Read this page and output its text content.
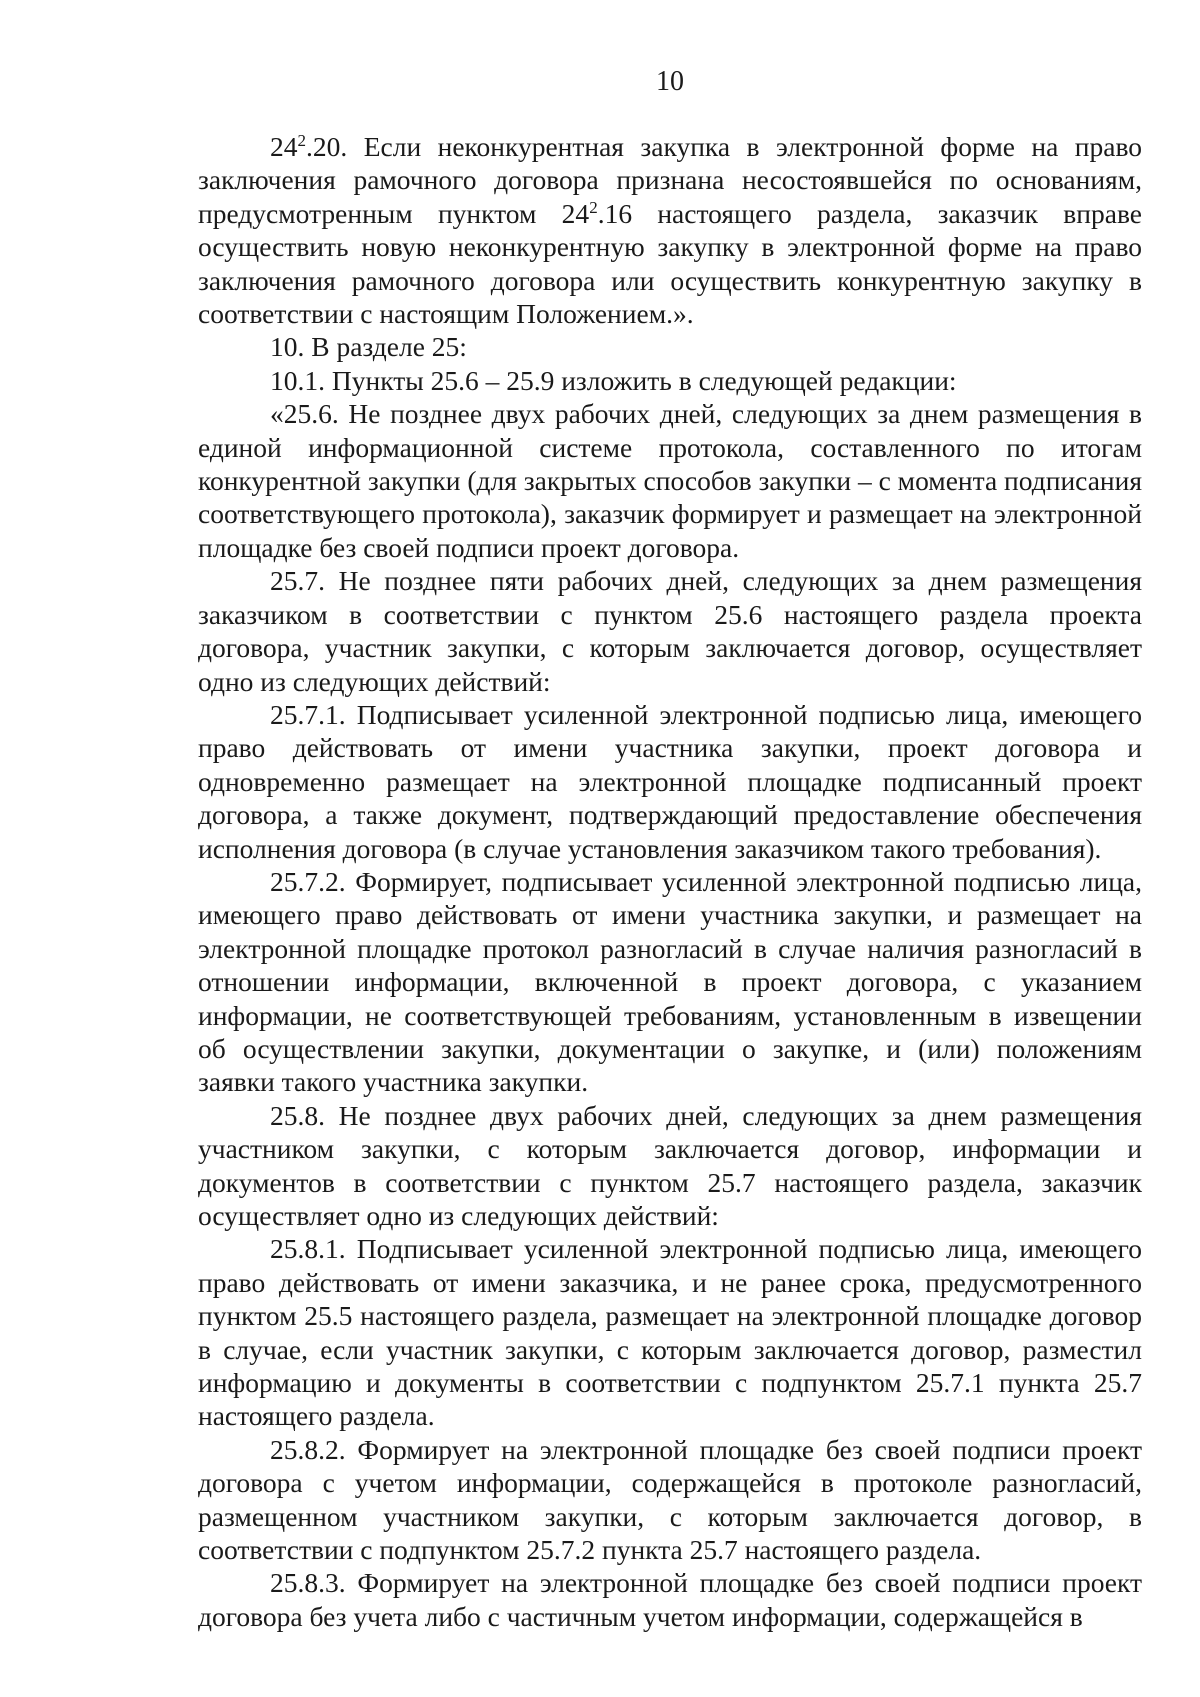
10

$24^2.20$. Если неконкурентная закупка в электронной форме на право заключения рамочного договора признана несостоявшейся по основаниям, предусмотренным пунктом $24^2.16$ настоящего раздела, заказчик вправе осуществить новую неконкурентную закупку в электронной форме на право заключения рамочного договора или осуществить конкурентную закупку в соответствии с настоящим Положением.».

10. В разделе 25:

10.1. Пункты 25.6 – 25.9 изложить в следующей редакции:

«25.6. Не позднее двух рабочих дней, следующих за днем размещения в единой информационной системе протокола, составленного по итогам конкурентной закупки (для закрытых способов закупки – с момента подписания соответствующего протокола), заказчик формирует и размещает на электронной площадке без своей подписи проект договора.

25.7. Не позднее пяти рабочих дней, следующих за днем размещения заказчиком в соответствии с пунктом 25.6 настоящего раздела проекта договора, участник закупки, с которым заключается договор, осуществляет одно из следующих действий:

25.7.1. Подписывает усиленной электронной подписью лица, имеющего право действовать от имени участника закупки, проект договора и одновременно размещает на электронной площадке подписанный проект договора, а также документ, подтверждающий предоставление обеспечения исполнения договора (в случае установления заказчиком такого требования).

25.7.2. Формирует, подписывает усиленной электронной подписью лица, имеющего право действовать от имени участника закупки, и размещает на электронной площадке протокол разногласий в случае наличия разногласий в отношении информации, включенной в проект договора, с указанием информации, не соответствующей требованиям, установленным в извещении об осуществлении закупки, документации о закупке, и (или) положениям заявки такого участника закупки.

25.8. Не позднее двух рабочих дней, следующих за днем размещения участником закупки, с которым заключается договор, информации и документов в соответствии с пунктом 25.7 настоящего раздела, заказчик осуществляет одно из следующих действий:

25.8.1. Подписывает усиленной электронной подписью лица, имеющего право действовать от имени заказчика, и не ранее срока, предусмотренного пунктом 25.5 настоящего раздела, размещает на электронной площадке договор в случае, если участник закупки, с которым заключается договор, разместил информацию и документы в соответствии с подпунктом 25.7.1 пункта 25.7 настоящего раздела.

25.8.2. Формирует на электронной площадке без своей подписи проект договора с учетом информации, содержащейся в протоколе разногласий, размещенном участником закупки, с которым заключается договор, в соответствии с подпунктом 25.7.2 пункта 25.7 настоящего раздела.

25.8.3. Формирует на электронной площадке без своей подписи проект договора без учета либо с частичным учетом информации, содержащейся в
